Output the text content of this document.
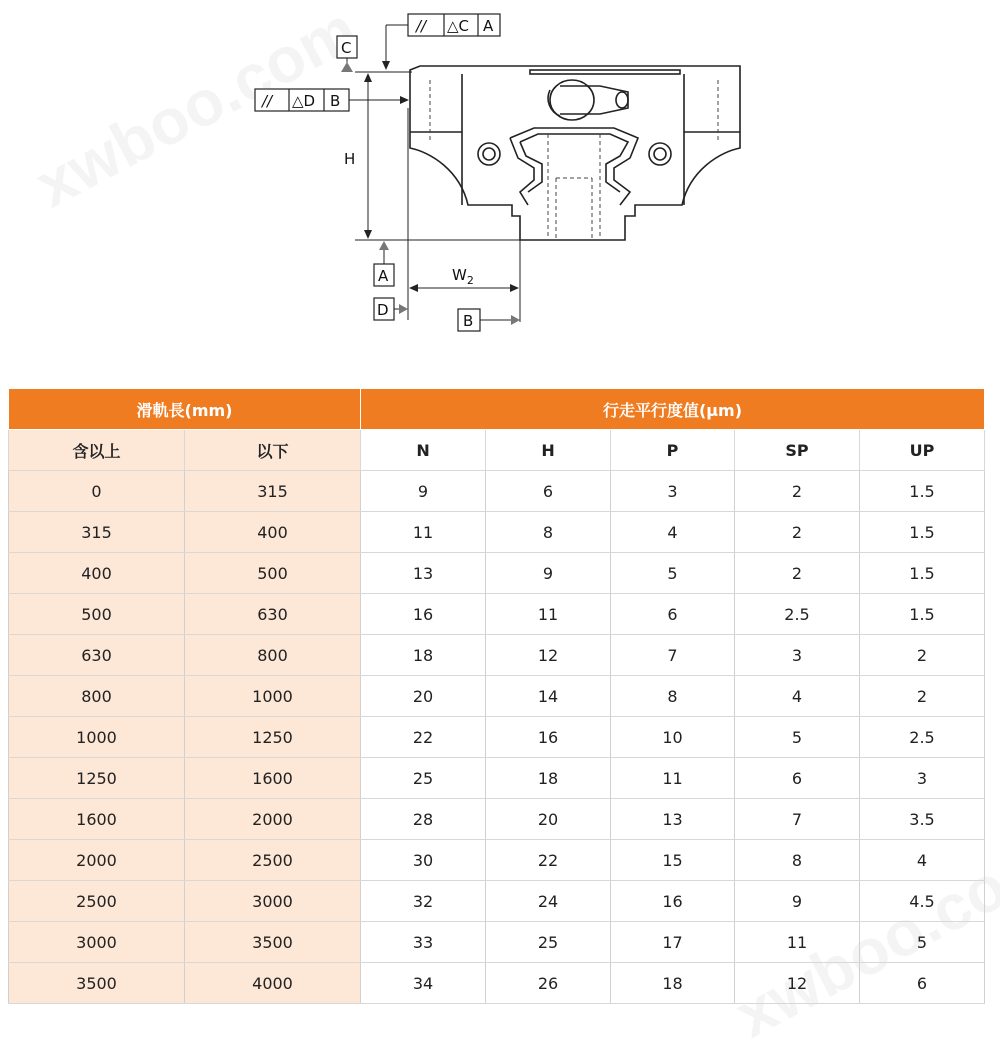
H
C
// △C A
// △D B
A
D
$W_2$
B
滑軌長(mm)		行走平行度值(μm)				
含以上	以下	N	H	P	SP	UP
0	315	9	6	3	2	1.5
315	400	11	8	4	2	1.5
400	500	13	9	5	2	1.5
500	630	16	11	6	2.5	1.5
630	800	18	12	7	3	2
800	1000	20	14	8	4	2
1000	1250	22	16	10	5	2.5
1250	1600	25	18	11	6	3
1600	2000	28	20	13	7	3.5
2000	2500	30	22	15	8	4
2500	3000	32	24	16	9	4.5
3000	3500	33	25	17	11	5
3500	4000	34	26	18	12	6
